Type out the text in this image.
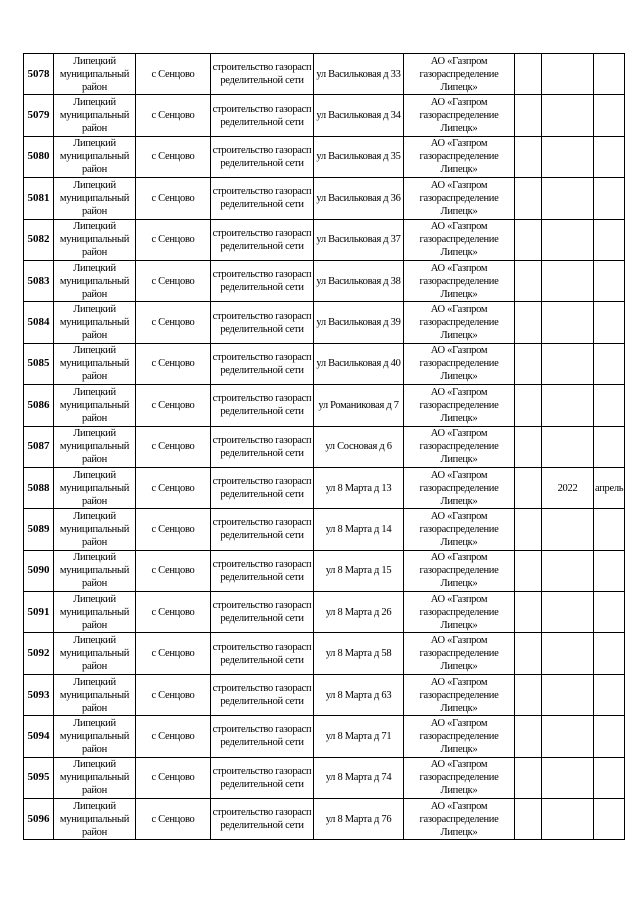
5078	Липецкий муниципальный район	с Сенцово	строительство газораспределительной сети	ул Васильковая д 33	АО «Газпром газораспределение Липецк»			
5079	Липецкий муниципальный район	с Сенцово	строительство газораспределительной сети	ул Васильковая д 34	АО «Газпром газораспределение Липецк»			
5080	Липецкий муниципальный район	с Сенцово	строительство газораспределительной сети	ул Васильковая д 35	АО «Газпром газораспределение Липецк»			
5081	Липецкий муниципальный район	с Сенцово	строительство газораспределительной сети	ул Васильковая д 36	АО «Газпром газораспределение Липецк»			
5082	Липецкий муниципальный район	с Сенцово	строительство газораспределительной сети	ул Васильковая д 37	АО «Газпром газораспределение Липецк»			
5083	Липецкий муниципальный район	с Сенцово	строительство газораспределительной сети	ул Васильковая д 38	АО «Газпром газораспределение Липецк»			
5084	Липецкий муниципальный район	с Сенцово	строительство газораспределительной сети	ул Васильковая д 39	АО «Газпром газораспределение Липецк»			
5085	Липецкий муниципальный район	с Сенцово	строительство газораспределительной сети	ул Васильковая д 40	АО «Газпром газораспределение Липецк»			
5086	Липецкий муниципальный район	с Сенцово	строительство газораспределительной сети	ул Романиковая д 7	АО «Газпром газораспределение Липецк»			
5087	Липецкий муниципальный район	с Сенцово	строительство газораспределительной сети	ул Сосновая д 6	АО «Газпром газораспределение Липецк»			
5088	Липецкий муниципальный район	с Сенцово	строительство газораспределительной сети	ул 8 Марта д 13	АО «Газпром газораспределение Липецк»		2022	апрель
5089	Липецкий муниципальный район	с Сенцово	строительство газораспределительной сети	ул 8 Марта д 14	АО «Газпром газораспределение Липецк»			
5090	Липецкий муниципальный район	с Сенцово	строительство газораспределительной сети	ул 8 Марта д 15	АО «Газпром газораспределение Липецк»			
5091	Липецкий муниципальный район	с Сенцово	строительство газораспределительной сети	ул 8 Марта д 26	АО «Газпром газораспределение Липецк»			
5092	Липецкий муниципальный район	с Сенцово	строительство газораспределительной сети	ул 8 Марта д 58	АО «Газпром газораспределение Липецк»			
5093	Липецкий муниципальный район	с Сенцово	строительство газораспределительной сети	ул 8 Марта д 63	АО «Газпром газораспределение Липецк»			
5094	Липецкий муниципальный район	с Сенцово	строительство газораспределительной сети	ул 8 Марта д 71	АО «Газпром газораспределение Липецк»			
5095	Липецкий муниципальный район	с Сенцово	строительство газораспределительной сети	ул 8 Марта д 74	АО «Газпром газораспределение Липецк»			
5096	Липецкий муниципальный район	с Сенцово	строительство газораспределительной сети	ул 8 Марта д 76	АО «Газпром газораспределение Липецк»			
